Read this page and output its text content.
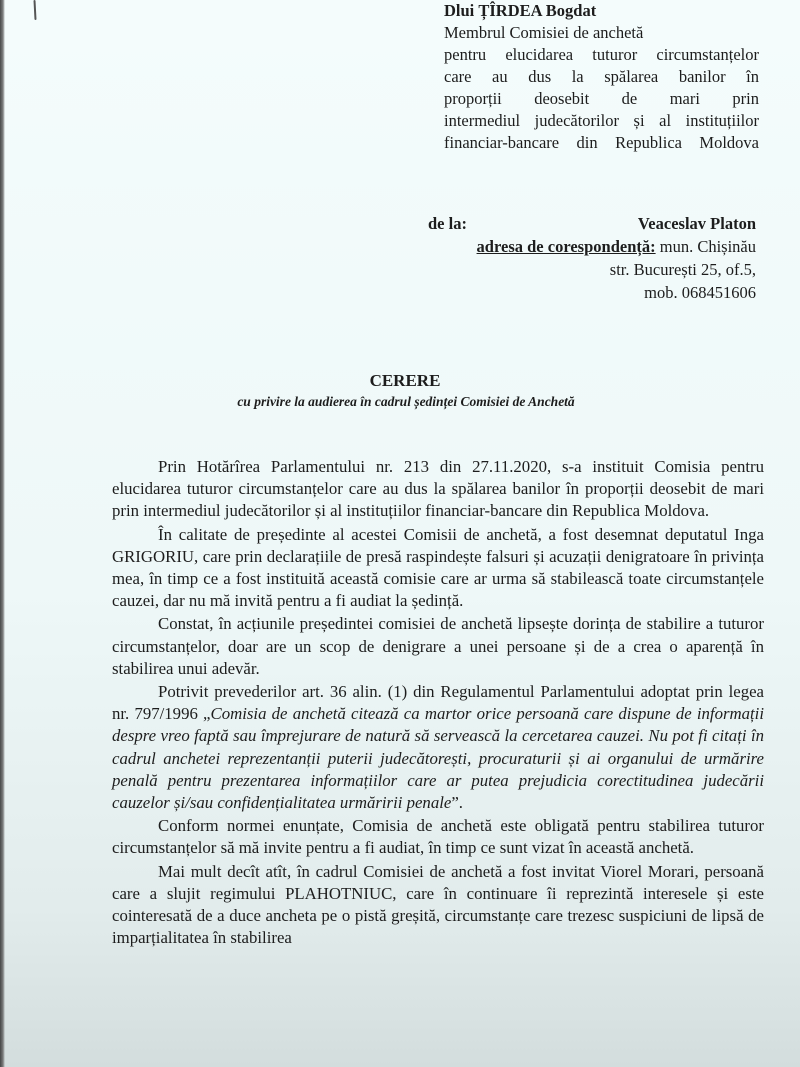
Dlui ȚÎRDEA Bogdat
Membrul Comisiei de anchetă
pentru elucidarea tuturor circumstanțelor
care au dus la spălarea banilor în
proporții deosebit de mari prin
intermediul judecătorilor și al instituțiilor
financiar-bancare din Republica Moldova
de la:	Veaceslav Platon
adresa de corespondență: mun. Chișinău
str. București 25, of.5,
mob. 068451606
CERERE
cu privire la audierea în cadrul ședinței Comisiei de Anchetă

Prin Hotărîrea Parlamentului nr. 213 din 27.11.2020, s-a instituit Comisia pentru elucidarea tuturor circumstanțelor care au dus la spălarea banilor în proporții deosebit de mari prin intermediul judecătorilor și al instituțiilor financiar-bancare din Republica Moldova.

În calitate de președinte al acestei Comisii de anchetă, a fost desemnat deputatul Inga GRIGORIU, care prin declarațiile de presă raspindește falsuri și acuzații denigratoare în privința mea, în timp ce a fost instituită această comisie care ar urma să stabilească toate circumstanțele cauzei, dar nu mă invită pentru a fi audiat la ședință.

Constat, în acțiunile președintei comisiei de anchetă lipsește dorința de stabilire a tuturor circumstanțelor, doar are un scop de denigrare a unei persoane și de a crea o aparență în stabilirea unui adevăr.

Potrivit prevederilor art. 36 alin. (1) din Regulamentul Parlamentului adoptat prin legea nr. 797/1996 „Comisia de anchetă citează ca martor orice persoană care dispune de informații despre vreo faptă sau împrejurare de natură să servească la cercetarea cauzei. Nu pot fi citați în cadrul anchetei reprezentanții puterii judecătorești, procuraturii și ai organului de urmărire penală pentru prezentarea informațiilor care ar putea prejudicia corectitudinea judecării cauzelor și/sau confidențialitatea urmăririi penale”.

Conform normei enunțate, Comisia de anchetă este obligată pentru stabilirea tuturor circumstanțelor să mă invite pentru a fi audiat, în timp ce sunt vizat în această anchetă.

Mai mult decît atît, în cadrul Comisiei de anchetă a fost invitat Viorel Morari, persoană care a slujit regimului PLAHOTNIUC, care în continuare îi reprezintă interesele și este cointeresată de a duce ancheta pe o pistă greșită, circumstanțe care trezesc suspiciuni de lipsă de imparțialitatea în stabilirea
